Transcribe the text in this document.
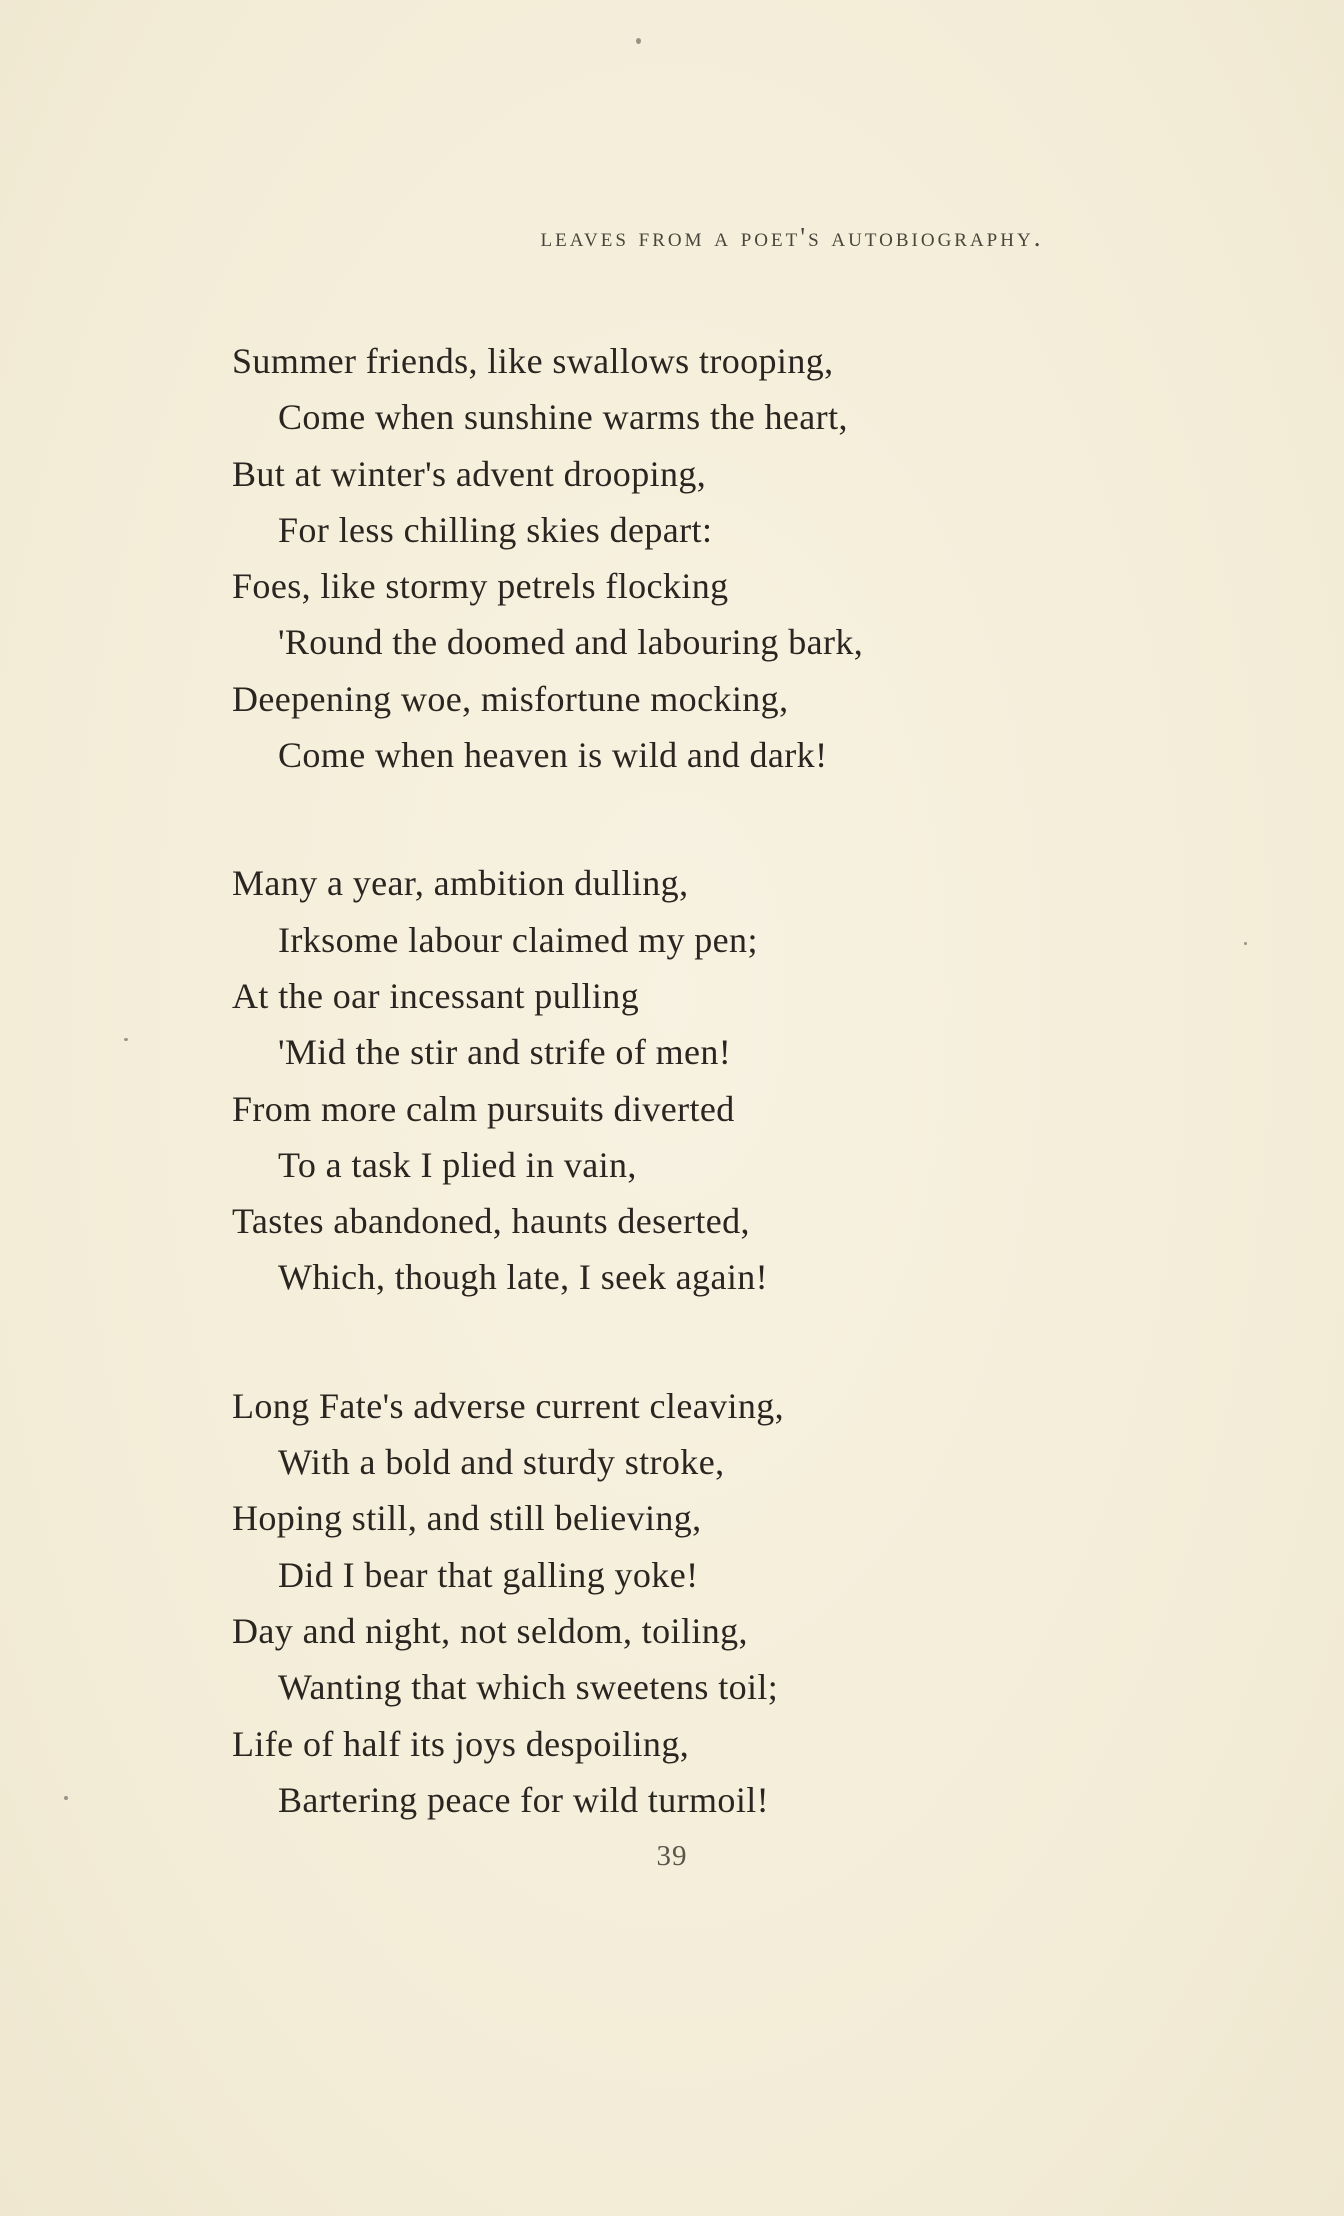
leaves from a poet's autobiography.
Summer friends, like swallows trooping,
Come when sunshine warms the heart,
But at winter's advent drooping,
For less chilling skies depart:
Foes, like stormy petrels flocking
'Round the doomed and labouring bark,
Deepening woe, misfortune mocking,
Come when heaven is wild and dark!
Many a year, ambition dulling,
Irksome labour claimed my pen;
At the oar incessant pulling
'Mid the stir and strife of men!
From more calm pursuits diverted
To a task I plied in vain,
Tastes abandoned, haunts deserted,
Which, though late, I seek again!
Long Fate's adverse current cleaving,
With a bold and sturdy stroke,
Hoping still, and still believing,
Did I bear that galling yoke!
Day and night, not seldom, toiling,
Wanting that which sweetens toil;
Life of half its joys despoiling,
Bartering peace for wild turmoil!
39
